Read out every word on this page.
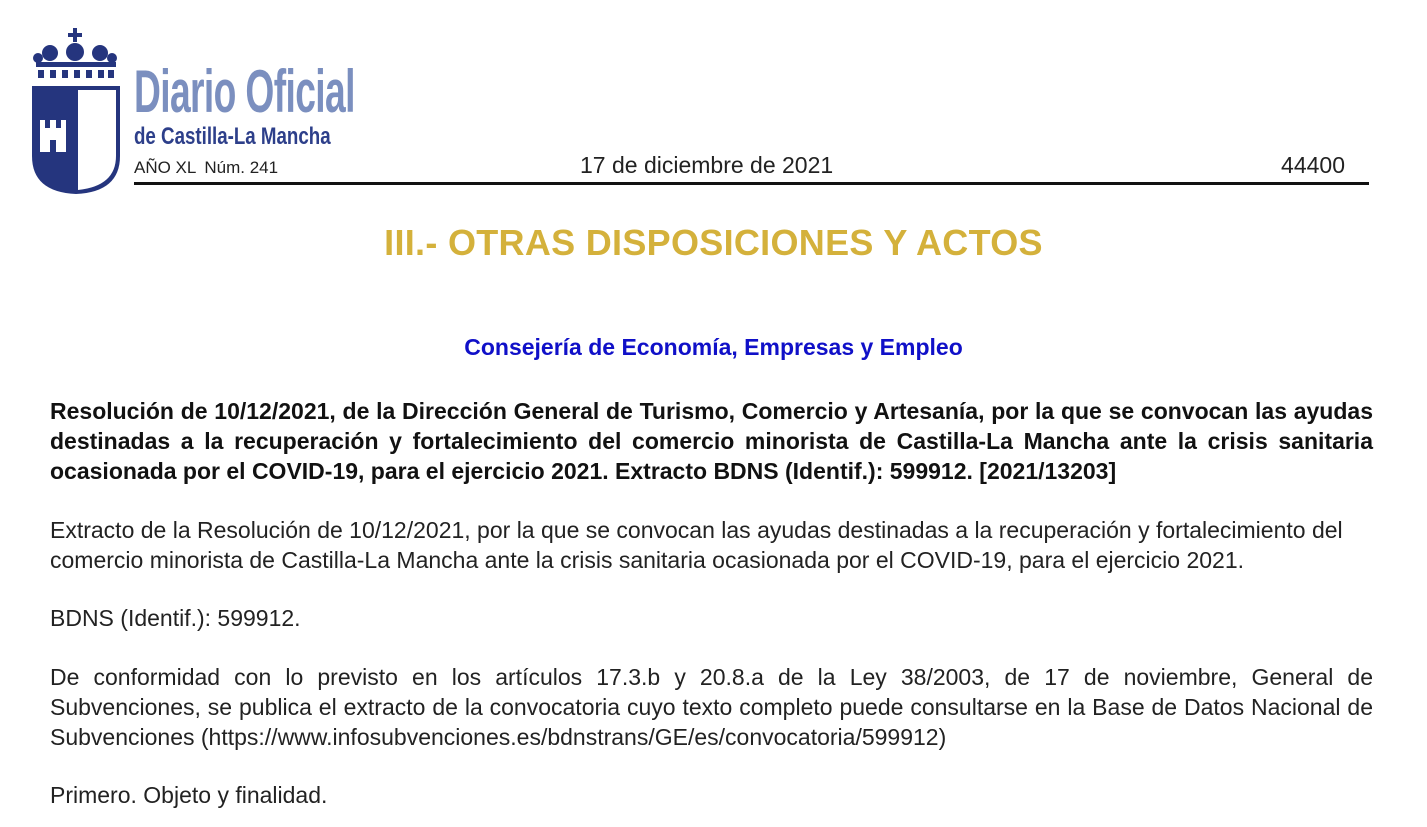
Diario Oficial
de Castilla-La Mancha
AÑO XL Núm. 241	17 de diciembre de 2021	44400
III.- OTRAS DISPOSICIONES Y ACTOS
Consejería de Economía, Empresas y Empleo
Resolución de 10/12/2021, de la Dirección General de Turismo, Comercio y Artesanía, por la que se convocan las ayudas destinadas a la recuperación y fortalecimiento del comercio minorista de Castilla-La Mancha ante la crisis sanitaria ocasionada por el COVID-19, para el ejercicio 2021. Extracto BDNS (Identif.): 599912. [2021/13203]
Extracto de la Resolución de 10/12/2021, por la que se convocan las ayudas destinadas a la recuperación y fortalecimiento del comercio minorista de Castilla-La Mancha ante la crisis sanitaria ocasionada por el COVID-19, para el ejercicio 2021.
BDNS (Identif.): 599912.
De conformidad con lo previsto en los artículos 17.3.b y 20.8.a de la Ley 38/2003, de 17 de noviembre, General de Subvenciones, se publica el extracto de la convocatoria cuyo texto completo puede consultarse en la Base de Datos Nacional de Subvenciones (https://www.infosubvenciones.es/bdnstrans/GE/es/convocatoria/599912)
Primero. Objeto y finalidad.
